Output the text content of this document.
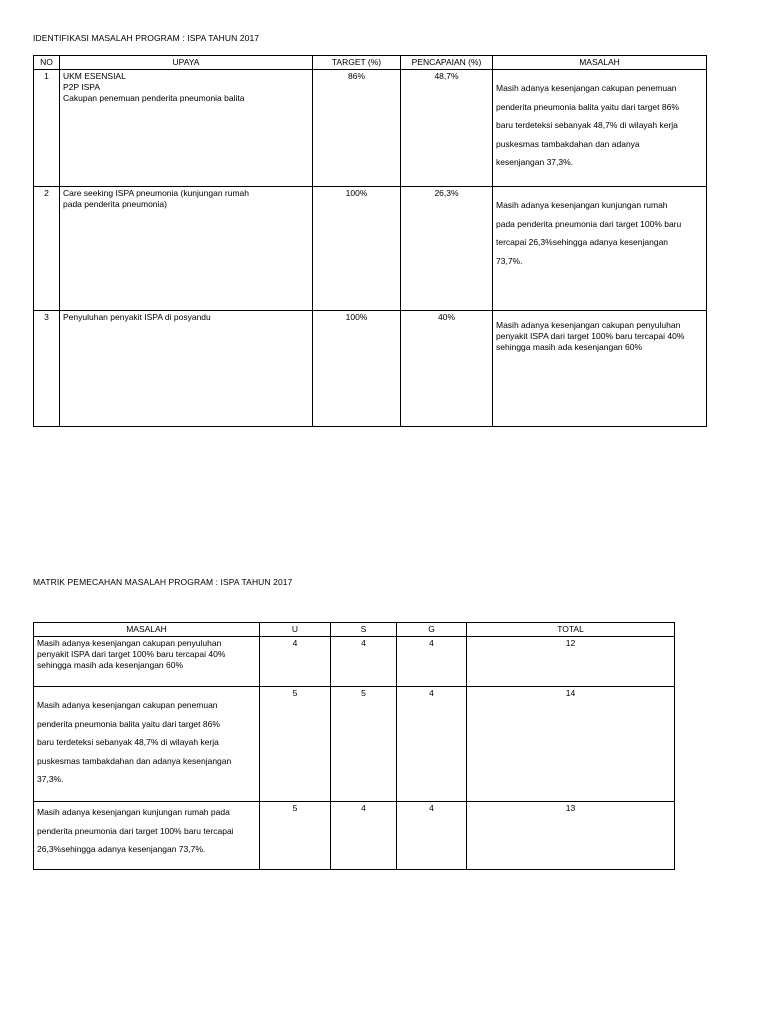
IDENTIFIKASI MASALAH PROGRAM : ISPA TAHUN 2017
NO	UPAYA	TARGET (%)	PENCAPAIAN (%)	MASALAH
1	UKM ESENSIAL
P2P ISPA
Cakupan penemuan penderita pneumonia balita	86%	48,7%	Masih adanya kesenjangan cakupan penemuan
penderita pneumonia balita yaitu dari target 86%
baru terdeteksi sebanyak 48,7% di wilayah kerja
puskesmas tambakdahan dan adanya
kesenjangan 37,3%.

2	Care seeking ISPA pneumonia (kunjungan rumah
pada penderita pneumonia)	100%	26,3%	Masih adanya kesenjangan kunjungan rumah
pada penderita pneumonia dari target 100% baru
tercapai 26,3%sehingga adanya kesenjangan
73,7%.

3	Penyuluhan penyakit ISPA di posyandu	100%	40%	Masih adanya kesenjangan cakupan penyuluhan
penyakit ISPA dari target 100% baru tercapai 40%
sehingga masih ada kesenjangan 60%
MATRIK PEMECAHAN MASALAH PROGRAM : ISPA TAHUN 2017
MASALAH	U	S	G	TOTAL
Masih adanya kesenjangan cakupan penyuluhan
penyakit ISPA dari target 100% baru tercapai 40%
sehingga masih ada kesenjangan 60%	4	4	4	12

Masih adanya kesenjangan cakupan penemuan
penderita pneumonia balita yaitu dari target 86%
baru terdeteksi sebanyak 48,7% di wilayah kerja
puskesmas tambakdahan dan adanya kesenjangan
37,3%.	5	5	4	14
Masih adanya kesenjangan kunjungan rumah pada
penderita pneumonia dari target 100% baru tercapai
26,3%sehingga adanya kesenjangan 73,7%.	5	4	4	13
